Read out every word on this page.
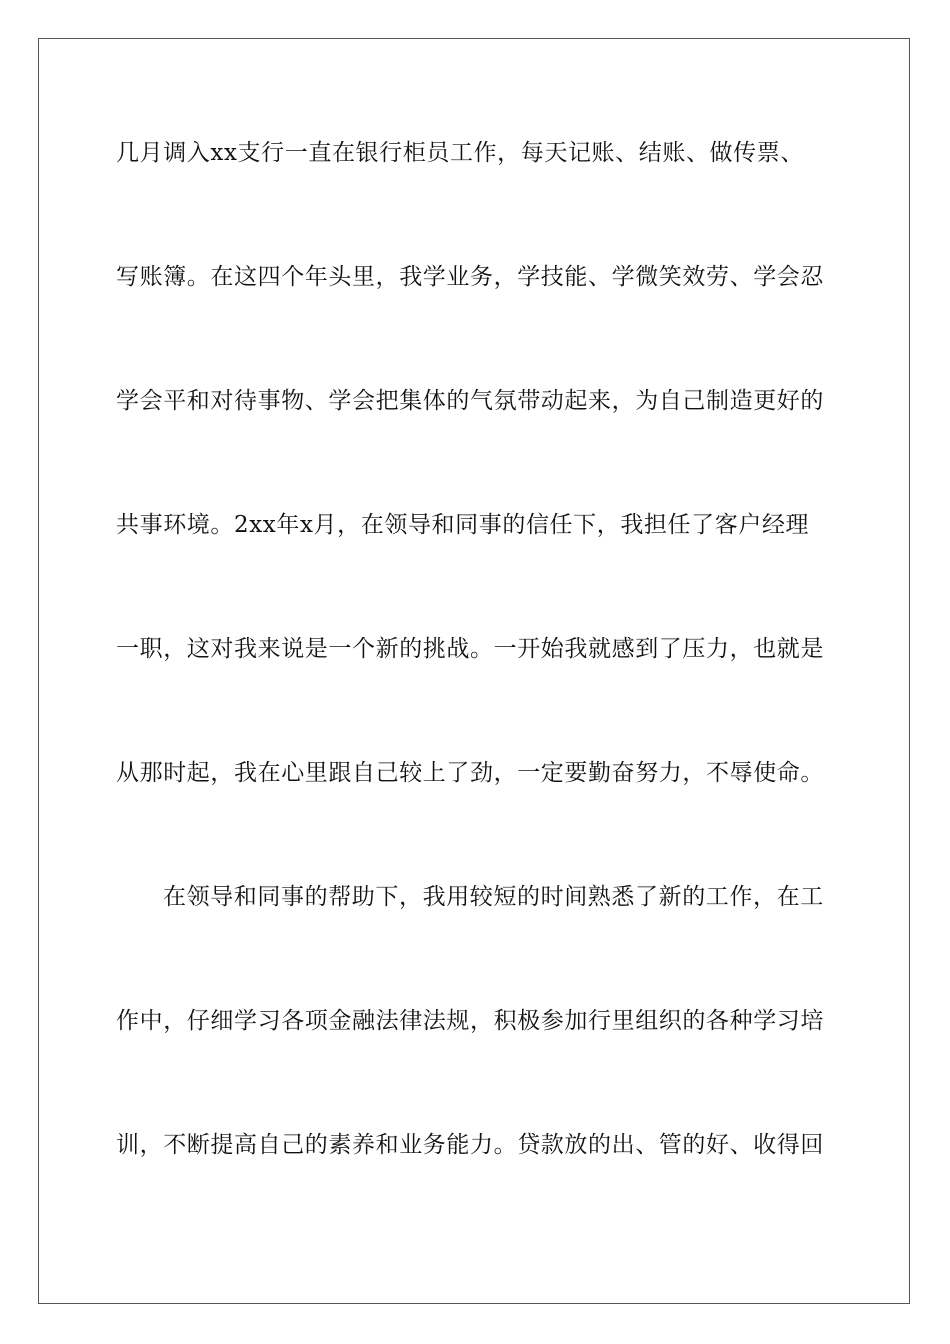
几月调入xx支行一直在银行柜员工作，每天记账、结账、做传票、
写账簿。在这四个年头里，我学业务，学技能、学微笑效劳、学会忍
学会平和对待事物、学会把集体的气氛带动起来，为自己制造更好的
共事环境。2xx年x月，在领导和同事的信任下，我担任了客户经理
一职，这对我来说是一个新的挑战。一开始我就感到了压力，也就是
从那时起，我在心里跟自己较上了劲，一定要勤奋努力，不辱使命。
在领导和同事的帮助下，我用较短的时间熟悉了新的工作，在工
作中，仔细学习各项金融法律法规，积极参加行里组织的各种学习培
训，不断提高自己的素养和业务能力。贷款放的出、管的好、收得回
